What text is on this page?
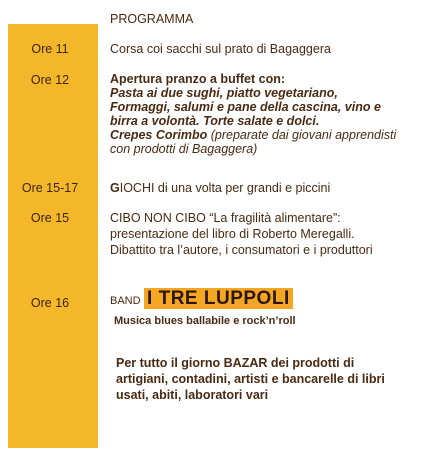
PROGRAMMA
Ore 11	Corsa coi sacchi sul prato di Bagaggera
Ore 12	Apertura pranzo a buffet con:
Pasta ai due sughi, piatto vegetariano,
Formaggi, salumi e pane della cascina, vino e
birra a volontà. Torte salate e dolci.
Crepes Corimbo (preparate dai giovani apprendisti
con prodotti di Bagaggera)
Ore 15-17	GIOCHI di una volta per grandi e piccini
Ore 15	CIBO NON CIBO “La fragilità alimentare”:
presentazione del libro di Roberto Meregalli.
Dibattito tra l’autore, i consumatori e i produttori
Ore 16	BAND I TRE LUPPOLI
Musica blues ballabile e rock’n’roll
Per tutto il giorno BAZAR dei prodotti di
artigiani, contadini, artisti e bancarelle di libri
usati, abiti, laboratori vari
